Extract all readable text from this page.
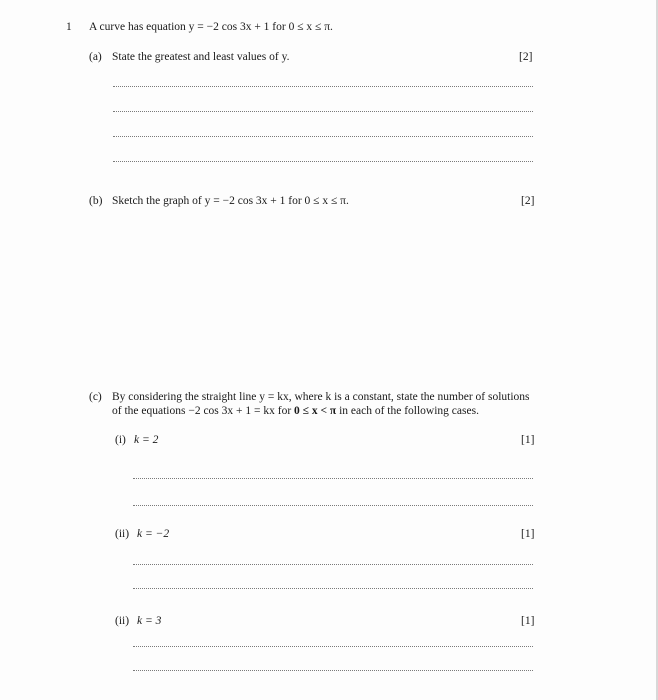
1 A curve has equation y = −2 cos 3x + 1 for 0 ≤ x ≤ π.
(a) State the greatest and least values of y.	[2]
(b) Sketch the graph of y = −2 cos 3x + 1 for 0 ≤ x ≤ π.	[2]
(c) By considering the straight line y = kx, where k is a constant, state the number of solutions
of the equations −2 cos 3x + 1 = kx for 0 ≤ x < π in each of the following cases.
(i) k = 2	[1]
(ii) k = −2	[1]
(ii) k = 3	[1]
